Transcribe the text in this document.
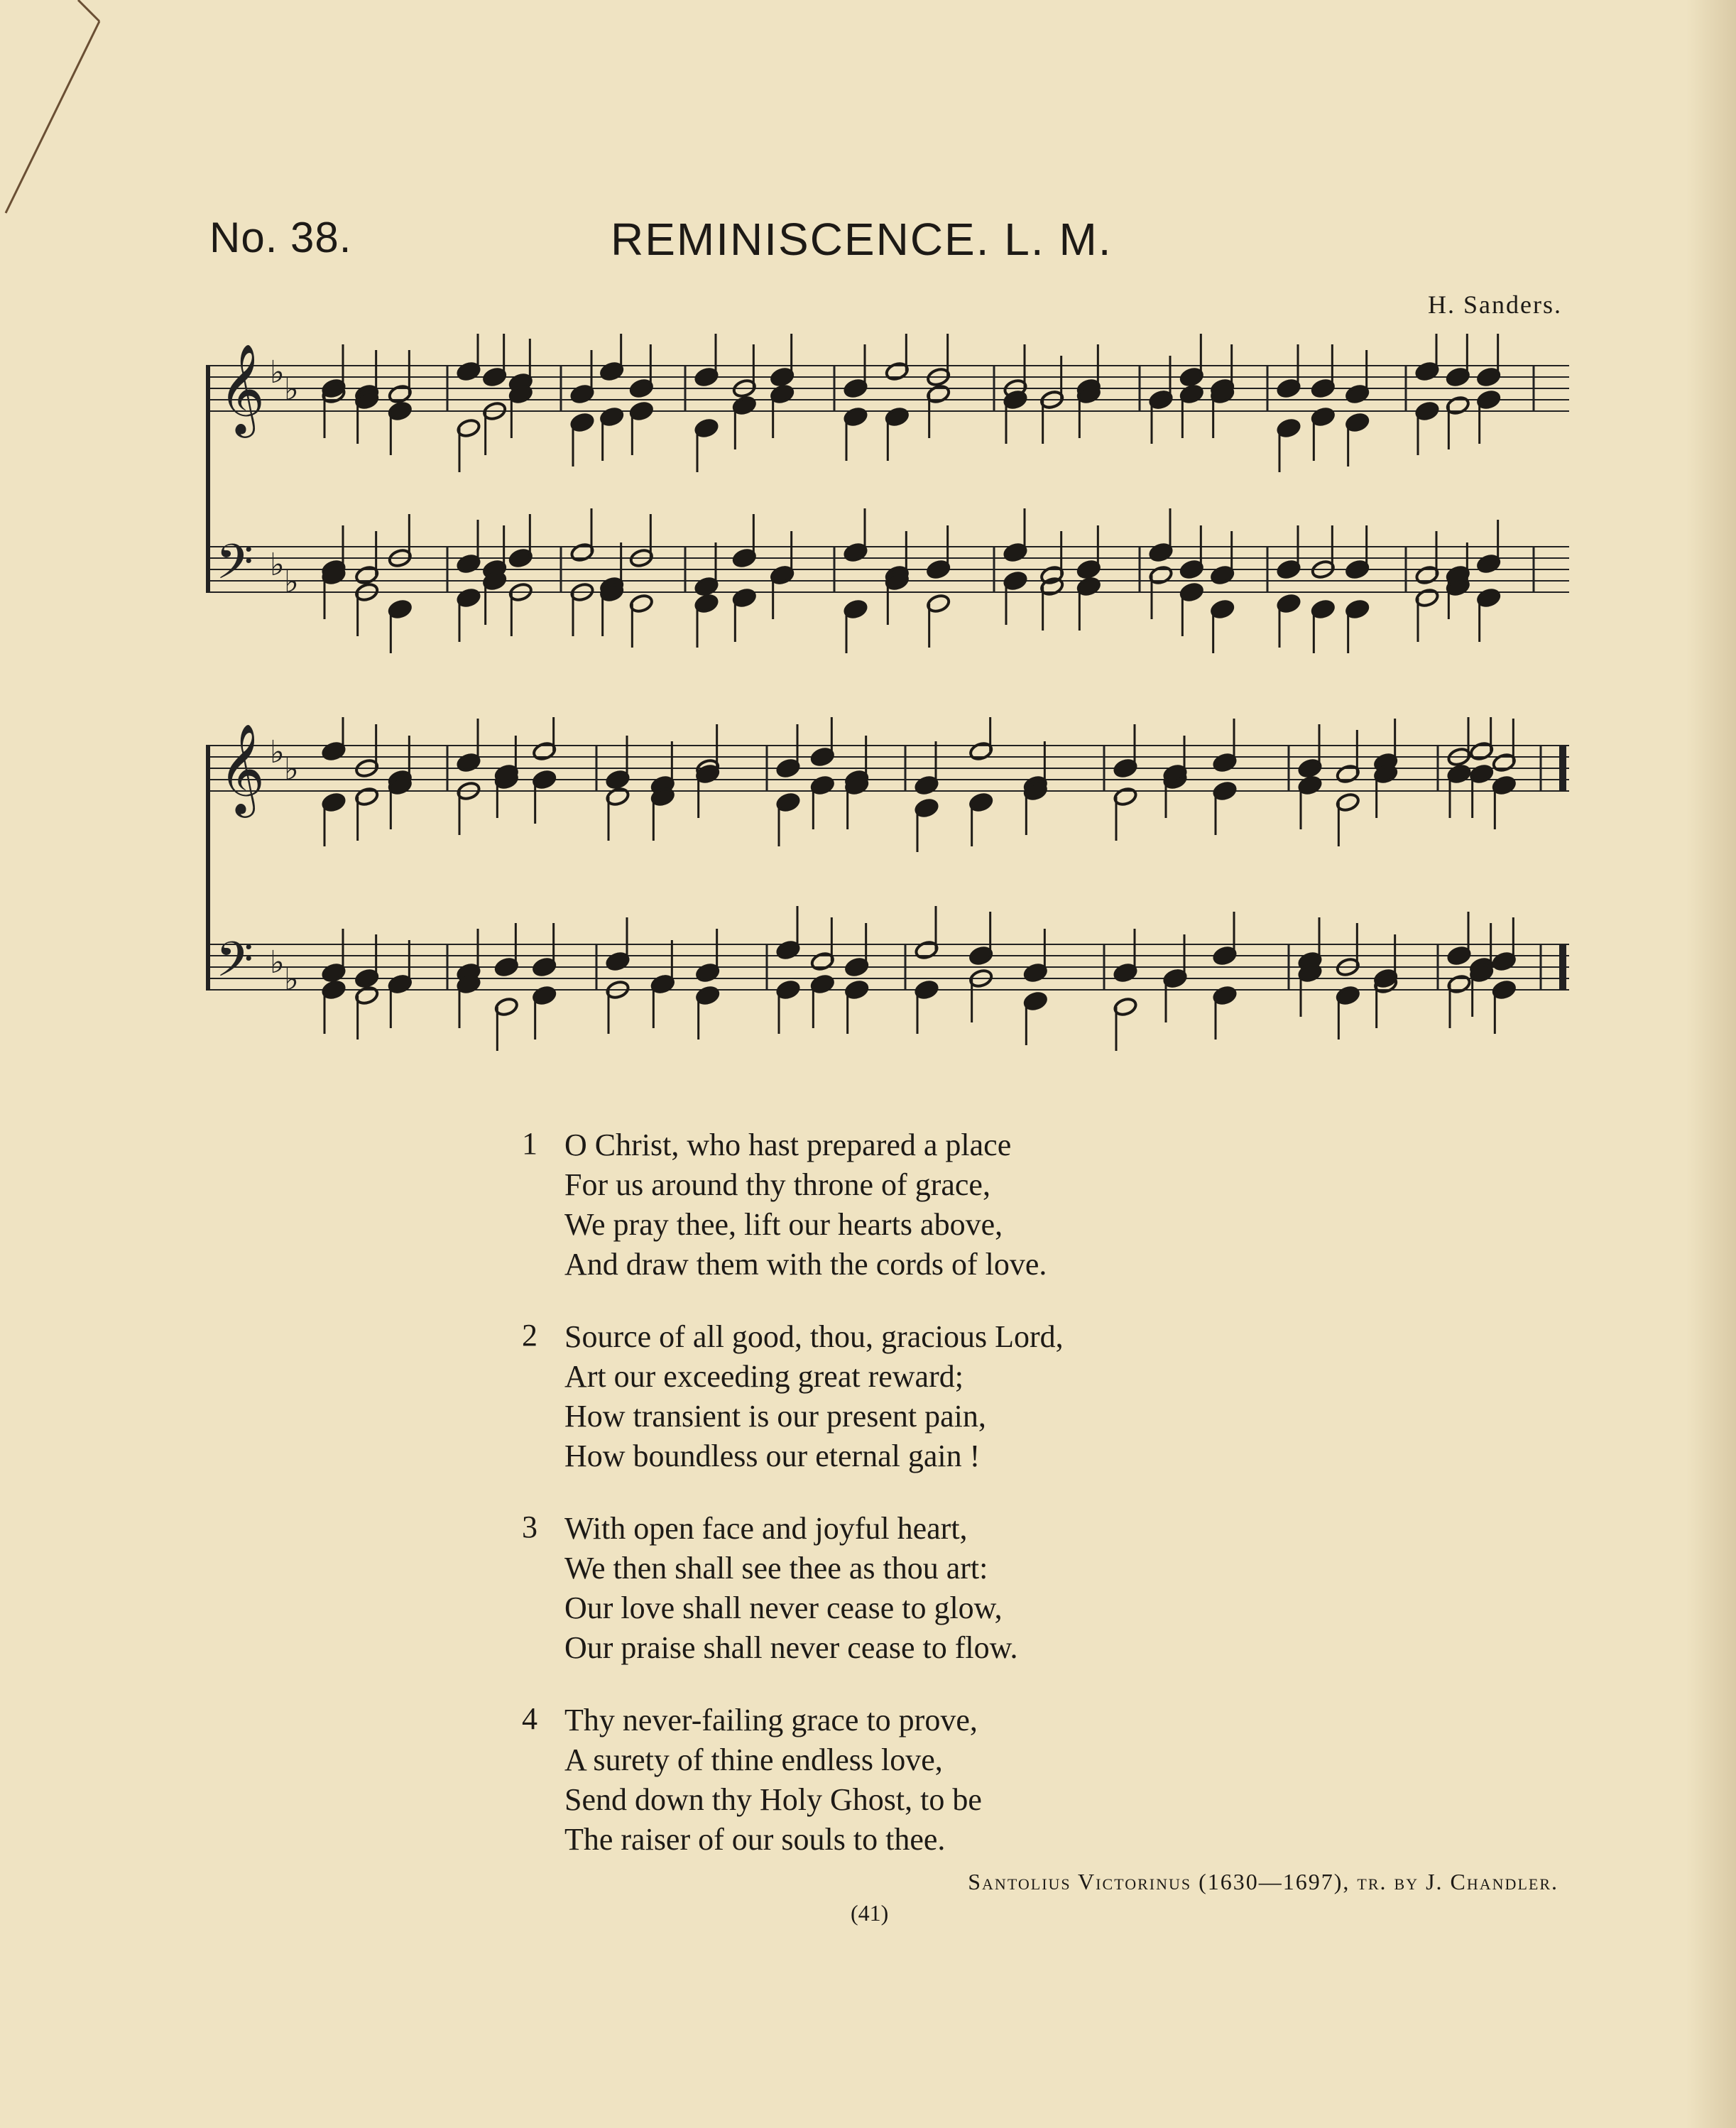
No. 38.	REMINISCENCE. L. M.
H. Sanders.
𝄞
𝄢
♭ ♭
♭ ♭
𝄞
𝄢
♭ ♭
♭ ♭
1 O Christ, who hast prepared a place
For us around thy throne of grace,
We pray thee, lift our hearts above,
And draw them with the cords of love.
2 Source of all good, thou, gracious Lord,
Art our exceeding great reward;
How transient is our present pain,
How boundless our eternal gain !
3 With open face and joyful heart,
We then shall see thee as thou art:
Our love shall never cease to glow,
Our praise shall never cease to flow.
4 Thy never-failing grace to prove,
A surety of thine endless love,
Send down thy Holy Ghost, to be
The raiser of our souls to thee.
Santolius Victorinus (1630—1697), tr. by J. Chandler.
(41)
